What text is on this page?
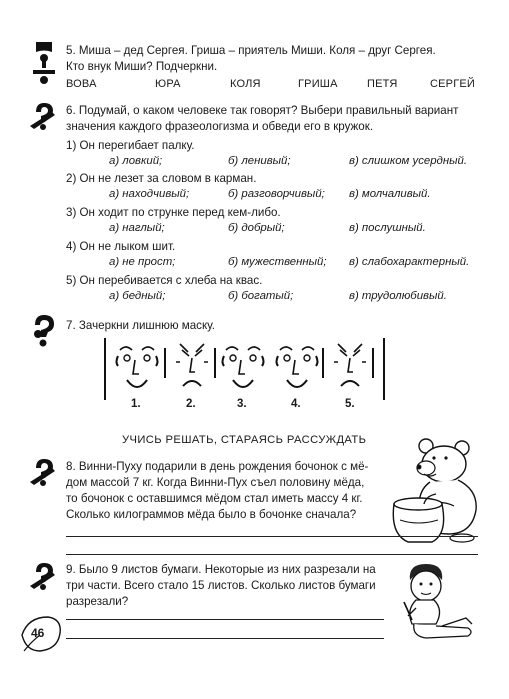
5. Миша – дед Сергея. Гриша – приятель Миши. Коля – друг Сергея.
Кто внук Миши? Подчеркни.
ВОВА	ЮРА	КОЛЯ	ГРИША	ПЕТЯ	СЕРГЕЙ
6. Подумай, о каком человеке так говорят? Выбери правильный вариант
значения каждого фразеологизма и обведи его в кружок.
1) Он перегибает палку.
а) ловкий;	б) ленивый;	в) слишком усердный.
2) Он не лезет за словом в карман.
а) находчивый;	б) разговорчивый; в) молчаливый.
3) Он ходит по струнке перед кем-либо.
а) наглый;	б) добрый;	в) послушный.
4) Он не лыком шит.
а) не прост;	б) мужественный; в) слабохарактерный.
5) Он перебивается с хлеба на квас.
а) бедный;	б) богатый;	в) трудолюбивый.
7. Зачеркни лишнюю маску.
1.	2.	3.	4.	5.
УЧИСЬ РЕШАТЬ, СТАРАЯСЬ РАССУЖДАТЬ
8. Винни-Пуху подарили в день рождения бочонок с мё-
дом массой 7 кг. Когда Винни-Пух съел половину мёда,
то бочонок с оставшимся мёдом стал иметь массу 4 кг.
Сколько килограммов мёда было в бочонке сначала?
9. Было 9 листов бумаги. Некоторые из них разрезали на
три части. Всего стало 15 листов. Сколько листов бумаги
разрезали?
46
